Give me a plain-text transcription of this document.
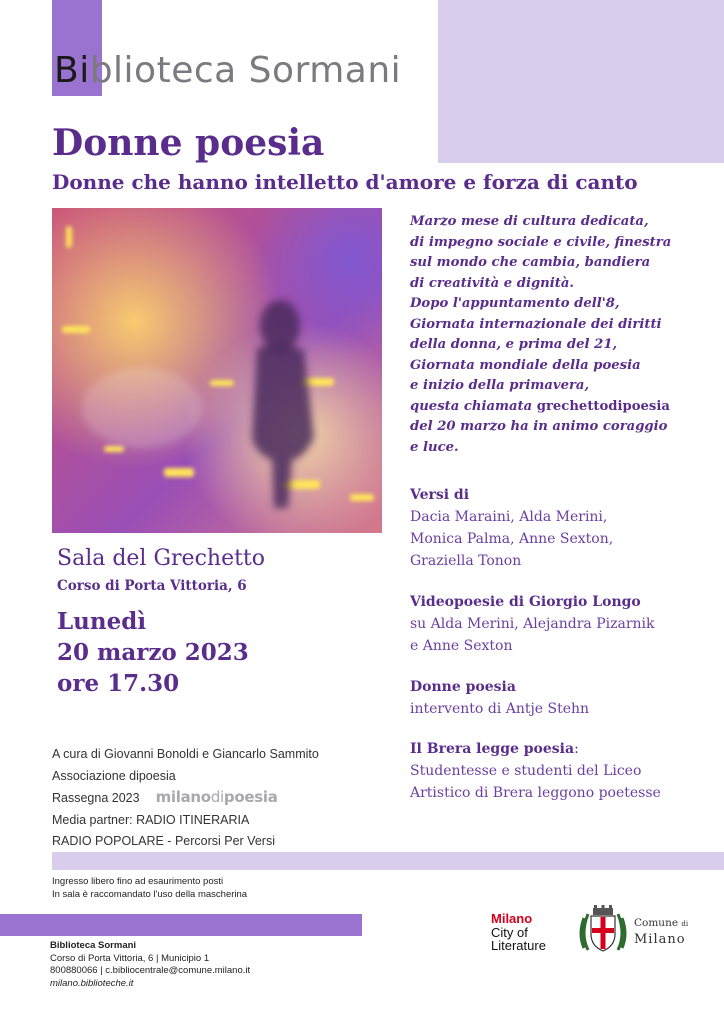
Biblioteca Sormani
Donne poesia
Donne che hanno intelletto d'amore e forza di canto
Marzo mese di cultura dedicata,
di impegno sociale e civile, finestra
sul mondo che cambia, bandiera
di creatività e dignità.
Dopo l'appuntamento dell'8,
Giornata internazionale dei diritti
della donna, e prima del 21,
Giornata mondiale della poesia
e inizio della primavera,
questa chiamata grechettodipoesia
del 20 marzo ha in animo coraggio
e luce.
Versi di
Dacia Maraini, Alda Merini,
Monica Palma, Anne Sexton,
Graziella Tonon
Videopoesie di Giorgio Longo
su Alda Merini, Alejandra Pizarnik
e Anne Sexton
Donne poesia
intervento di Antje Stehn
Il Brera legge poesia:
Studentesse e studenti del Liceo
Artistico di Brera leggono poetesse
Sala del Grechetto
Corso di Porta Vittoria, 6
Lunedì
20 marzo 2023
ore 17.30
A cura di Giovanni Bonoldi e Giancarlo Sammito
Associazione dipoesia
Rassegna 2023 milanodipoesia
Media partner: RADIO ITINERARIA
RADIO POPOLARE - Percorsi Per Versi
Ingresso libero fino ad esaurimento posti
In sala è raccomandato l'uso della mascherina
Biblioteca Sormani
Corso di Porta Vittoria, 6 | Municipio 1
800880066 | c.bibliocentrale@comune.milano.it
milano.biblioteche.it
Milano
City of
Literature
Comune di
Milano
